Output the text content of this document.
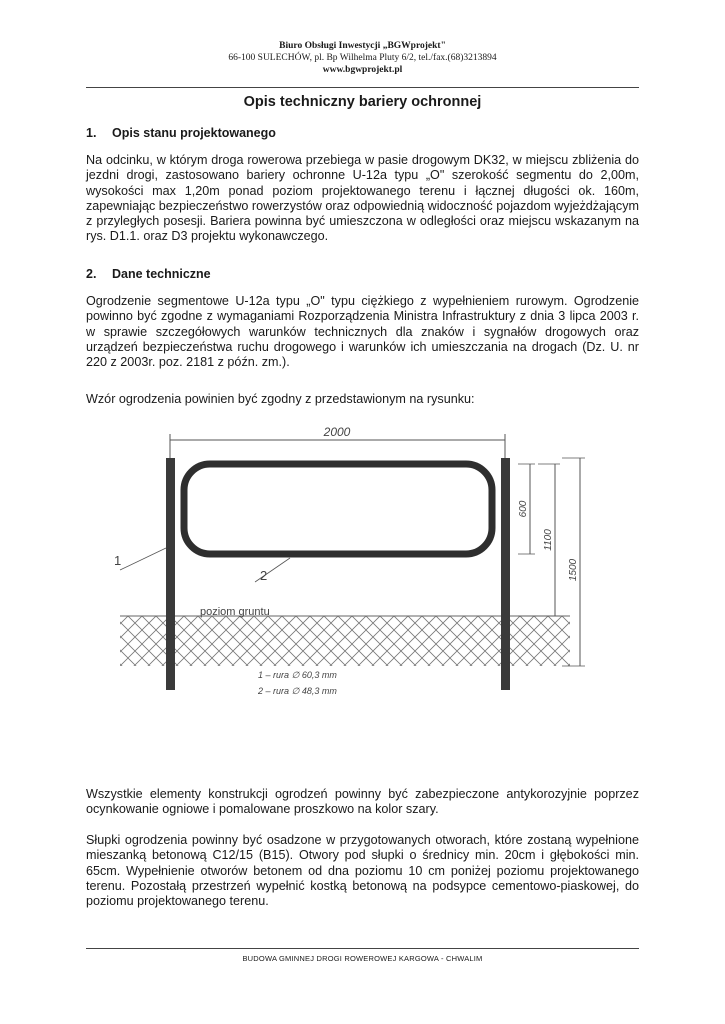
Biuro Obsługi Inwestycji „BGWprojekt"
66-100 SULECHÓW, pl. Bp Wilhelma Pluty 6/2, tel./fax.(68)3213894
www.bgwprojekt.pl
Opis techniczny bariery ochronnej
1. Opis stanu projektowanego
Na odcinku, w którym droga rowerowa przebiega w pasie drogowym DK32, w miejscu zbliżenia do jezdni drogi, zastosowano bariery ochronne U-12a typu „O" szerokość segmentu do 2,00m, wysokości max 1,20m ponad poziom projektowanego terenu i łącznej długości ok. 160m, zapewniając bezpieczeństwo rowerzystów oraz odpowiednią widoczność pojazdom wyjeżdżającym z przyległych posesji. Bariera powinna być umieszczona w odległości oraz miejscu wskazanym na rys. D1.1. oraz D3 projektu wykonawczego.
2. Dane techniczne
Ogrodzenie segmentowe U-12a typu „O" typu ciężkiego z wypełnieniem rurowym. Ogrodzenie powinno być zgodne z wymaganiami Rozporządzenia Ministra Infrastruktury z dnia 3 lipca 2003 r. w sprawie szczegółowych warunków technicznych dla znaków i sygnałów drogowych oraz urządzeń bezpieczeństwa ruchu drogowego i warunków ich umieszczania na drogach (Dz. U. nr 220 z 2003r. poz. 2181 z późn. zm.).
Wzór ogrodzenia powinien być zgodny z przedstawionym na rysunku:
2000
1
2
poziom gruntu
600
1100
1500
1 – rura ∅ 60,3 mm
2 – rura ∅ 48,3 mm
Wszystkie elementy konstrukcji ogrodzeń powinny być zabezpieczone antykorozyjnie poprzez ocynkowanie ogniowe i pomalowane proszkowo na kolor szary.
Słupki ogrodzenia powinny być osadzone w przygotowanych otworach, które zostaną wypełnione mieszanką betonową C12/15 (B15). Otwory pod słupki o średnicy min. 20cm i głębokości min. 65cm. Wypełnienie otworów betonem od dna poziomu 10 cm poniżej poziomu projektowanego terenu. Pozostałą przestrzeń wypełnić kostką betonową na podsypce cementowo-piaskowej, do poziomu projektowanego terenu.
BUDOWA GMINNEJ DROGI ROWEROWEJ KARGOWA - CHWALIM
